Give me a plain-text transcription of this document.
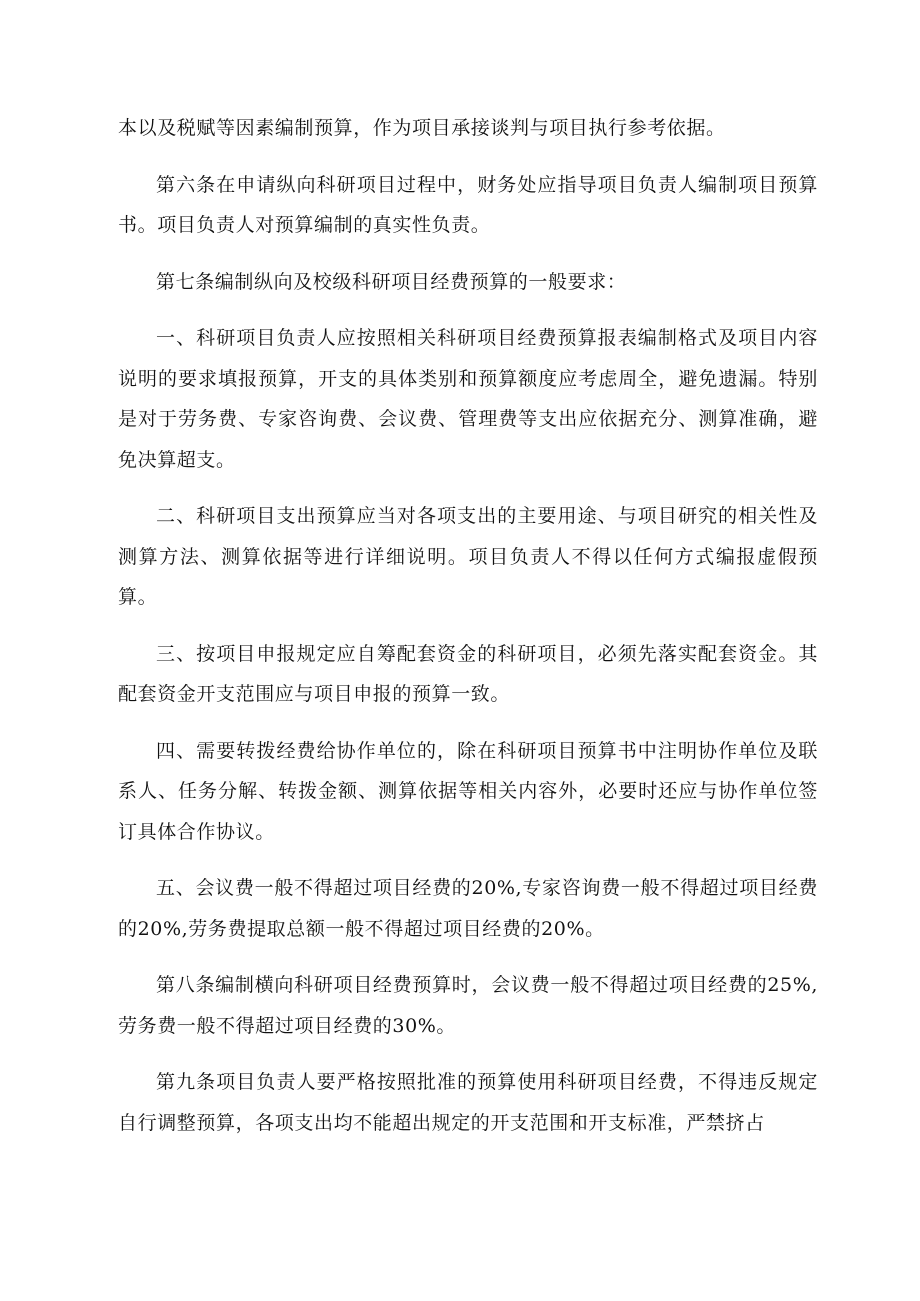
本以及税赋等因素编制预算，作为项目承接谈判与项目执行参考依据。

第六条在申请纵向科研项目过程中，财务处应指导项目负责人编制项目预算书。项目负责人对预算编制的真实性负责。

第七条编制纵向及校级科研项目经费预算的一般要求：

一、科研项目负责人应按照相关科研项目经费预算报表编制格式及项目内容说明的要求填报预算，开支的具体类别和预算额度应考虑周全，避免遗漏。特别是对于劳务费、专家咨询费、会议费、管理费等支出应依据充分、测算准确，避免决算超支。

二、科研项目支出预算应当对各项支出的主要用途、与项目研究的相关性及测算方法、测算依据等进行详细说明。项目负责人不得以任何方式编报虚假预算。

三、按项目申报规定应自筹配套资金的科研项目，必须先落实配套资金。其配套资金开支范围应与项目申报的预算一致。

四、需要转拨经费给协作单位的，除在科研项目预算书中注明协作单位及联系人、任务分解、转拨金额、测算依据等相关内容外，必要时还应与协作单位签订具体合作协议。

五、会议费一般不得超过项目经费的20%,专家咨询费一般不得超过项目经费的20%,劳务费提取总额一般不得超过项目经费的20%。

第八条编制横向科研项目经费预算时，会议费一般不得超过项目经费的25%,劳务费一般不得超过项目经费的30%。

第九条项目负责人要严格按照批准的预算使用科研项目经费，不得违反规定自行调整预算，各项支出均不能超出规定的开支范围和开支标准，严禁挤占
